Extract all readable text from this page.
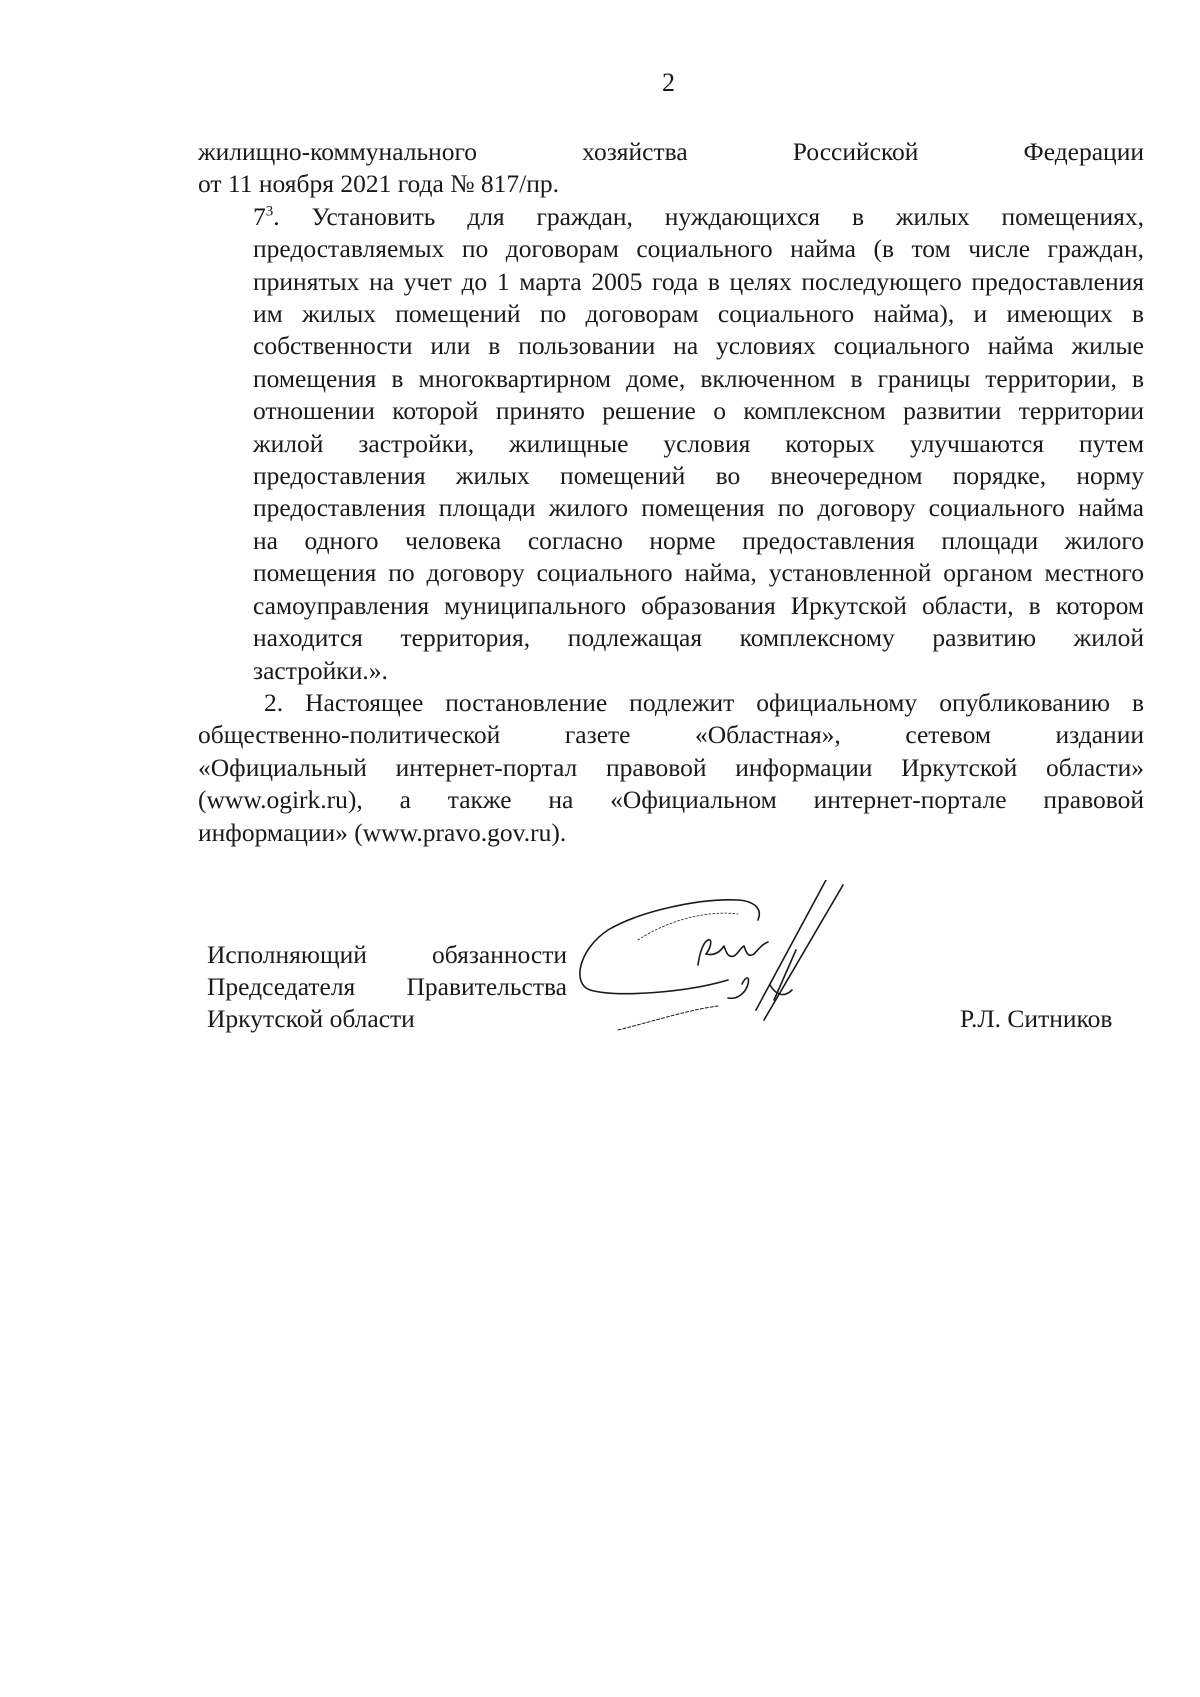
2

жилищно-коммунального хозяйства Российской Федерации
от 11 ноября 2021 года № 817/пр.

$7^3$. Установить для граждан, нуждающихся в жилых помещениях,
предоставляемых по договорам социального найма (в том числе граждан,
принятых на учет до 1 марта 2005 года в целях последующего предоставления
им жилых помещений по договорам социального найма), и имеющих в
собственности или в пользовании на условиях социального найма жилые
помещения в многоквартирном доме, включенном в границы территории, в
отношении которой принято решение о комплексном развитии территории
жилой застройки, жилищные условия которых улучшаются путем
предоставления жилых помещений во внеочередном порядке, норму
предоставления площади жилого помещения по договору социального найма
на одного человека согласно норме предоставления площади жилого
помещения по договору социального найма, установленной органом местного
самоуправления муниципального образования Иркутской области, в котором
находится территория, подлежащая комплексному развитию жилой
застройки.».

2. Настоящее постановление подлежит официальному опубликованию в
общественно-политической газете «Областная», сетевом издании
«Официальный интернет-портал правовой информации Иркутской области»
(www.ogirk.ru), а также на «Официальном интернет-портале правовой
информации» (www.pravo.gov.ru).

Исполняющий обязанности
Председателя Правительства
Иркутской области	Р.Л. Ситников
